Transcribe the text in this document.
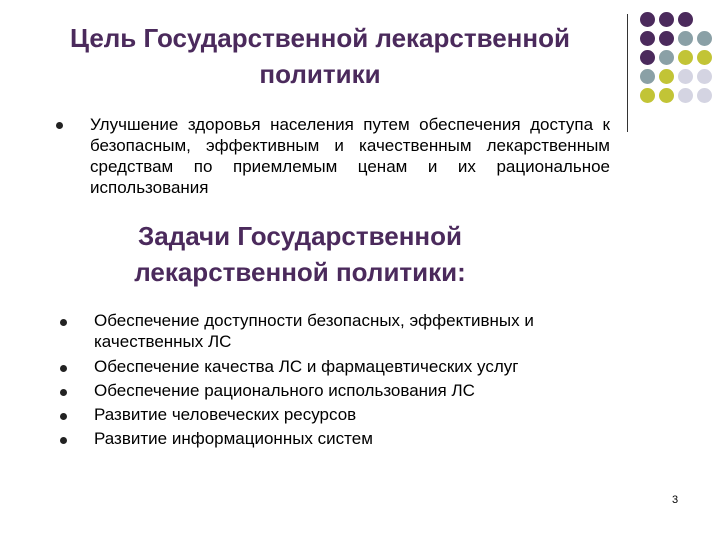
Цель Государственной лекарственной политики
Улучшение здоровья населения путем обеспечения доступа к безопасным, эффективным и качественным лекарственным средствам по приемлемым ценам и их рациональное использования
Задачи Государственной лекарственной политики:
Обеспечение доступности безопасных, эффективных и качественных ЛС
Обеспечение качества ЛС и фармацевтических услуг
Обеспечение рационального использования ЛС
Развитие человеческих ресурсов
Развитие информационных систем
3
